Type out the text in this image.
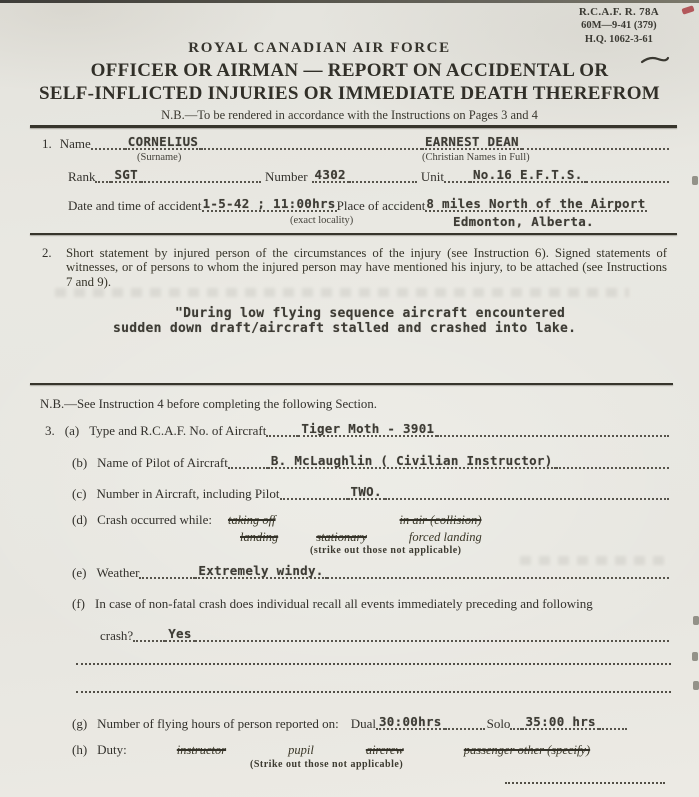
R.C.A.F. R. 78A
60M—9-41 (379)
H.Q. 1062-3-61
ROYAL CANADIAN AIR FORCE
OFFICER OR AIRMAN — REPORT ON ACCIDENTAL OR
SELF-INFLICTED INJURIES OR IMMEDIATE DEATH THEREFROM
N.B.—To be rendered in accordance with the Instructions on Pages 3 and 4
1. Name	CORNELIUS	EARNEST DEAN
(Surname)	(Christian Names in Full)
Rank SGT	Number 4302	Unit No.16 E.F.T.S.
Date and time of accident 1-5-42 ; 11:00hrs Place of accident 8 miles North of the Airport
(exact locality)	Edmonton, Alberta.
2.	Short statement by injured person of the circumstances of the injury (see Instruction 6). Signed statements of witnesses, or of persons to whom the injured person may have mentioned his injury, to be attached (see Instructions 7 and 9).
"During low flying sequence aircraft encountered
sudden down draft/aircraft stalled and crashed into lake.
N.B.—See Instruction 4 before completing the following Section.
3. (a) Type and R.C.A.F. No. of Aircraft	Tiger Moth - 3901
(b) Name of Pilot of Aircraft	B. McLaughlin ( Civilian Instructor)
(c) Number in Aircraft, including Pilot	TWO.
(d) Crash occurred while: taking off	in air (collision)
landing	stationary	forced landing
(strike out those not applicable)
(e) Weather	Extremely windy.
(f) In case of non-fatal crash does individual recall all events immediately preceding and following
crash?	Yes
(g) Number of flying hours of person reported on: Dual 30:00hrs	Solo 35:00 hrs
(h) Duty:	instructor	pupil	aircrew	passenger other (specify)
(Strike out those not applicable)
